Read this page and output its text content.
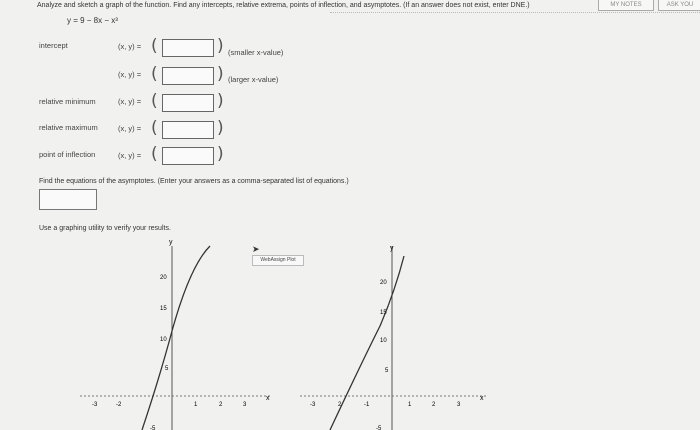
MY NOTES	ASK YOU
Analyze and sketch a graph of the function. Find any intercepts, relative extrema, points of inflection, and asymptotes. (If an answer does not exist, enter DNE.)
y = 9 − 8x − x³
intercept	(x, y) = (	) (smaller x-value)
(x, y) = (	) (larger x-value)
relative minimum	(x, y) = (	)
relative maximum	(x, y) = (	)
point of inflection	(x, y) = (	)
Find the equations of the asymptotes. (Enter your answers as a comma-separated list of equations.)
Use a graphing utility to verify your results.
➤
WebAssign Plot
y
x
20
15
10
5
-3	-2	1	2	3
-5
y
x
20
15
10
5
-3	2	-1	1	2	3
-5
